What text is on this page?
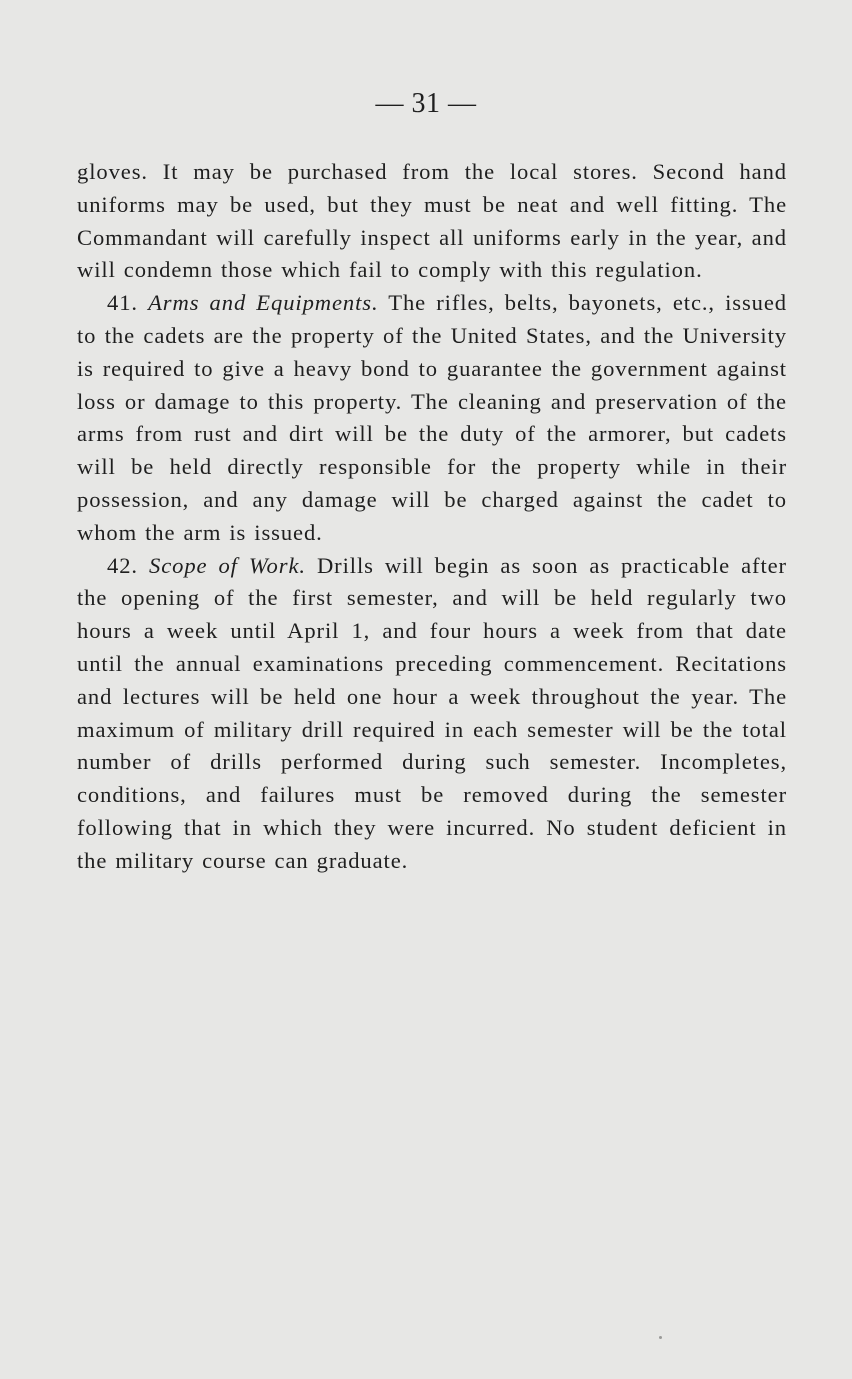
— 31 —

gloves. It may be purchased from the local stores. Second hand uniforms may be used, but they must be neat and well fitting. The Commandant will carefully inspect all uniforms early in the year, and will condemn those which fail to comply with this regulation.

41. Arms and Equipments. The rifles, belts, bayonets, etc., issued to the cadets are the property of the United States, and the University is required to give a heavy bond to guarantee the government against loss or damage to this property. The cleaning and preservation of the arms from rust and dirt will be the duty of the armorer, but cadets will be held directly responsible for the property while in their possession, and any damage will be charged against the cadet to whom the arm is issued.

42. Scope of Work. Drills will begin as soon as practicable after the opening of the first semester, and will be held regularly two hours a week until April 1, and four hours a week from that date until the annual examinations preceding commencement. Recitations and lectures will be held one hour a week throughout the year. The maximum of military drill required in each semester will be the total number of drills performed during such semester. Incompletes, conditions, and failures must be removed during the semester following that in which they were incurred. No student deficient in the military course can graduate.
